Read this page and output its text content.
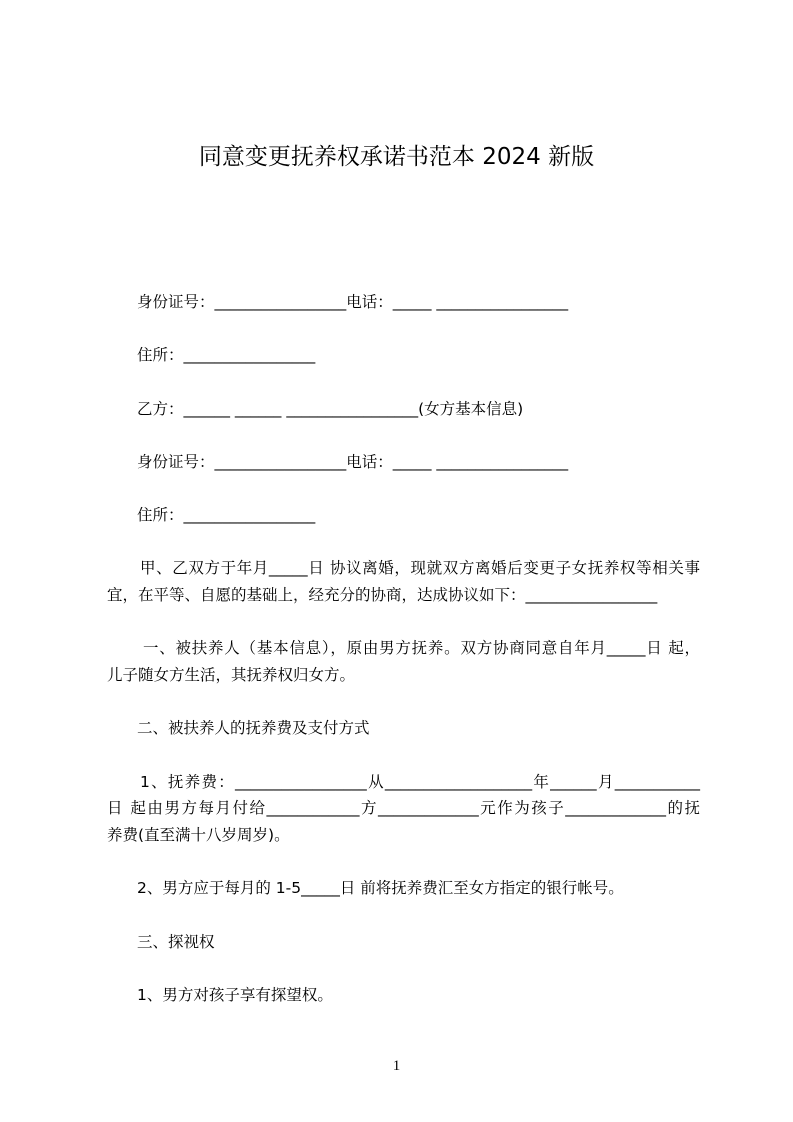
同意变更抚养权承诺书范本 2024 新版

身份证号：_________________电话：_____ _________________

住所：_________________

乙方：______ ______ _________________(女方基本信息)

身份证号：_________________电话：_____ _________________

住所：_________________

甲、乙双方于年月_____日 协议离婚，现就双方离婚后变更子女抚养权等相关事
宜，在平等、自愿的基础上，经充分的协商，达成协议如下：_________________

一、被扶养人（基本信息），原由男方抚养。双方协商同意自年月_____日 起，
儿子随女方生活，其抚养权归女方。

二、被扶养人的抚养费及支付方式

1、抚养费：_________________从___________________年______月___________
日 起由男方每月付给____________方_____________元作为孩子_____________的抚
养费(直至满十八岁周岁)。

2、男方应于每月的 1-5_____日 前将抚养费汇至女方指定的银行帐号。

三、探视权

1、男方对孩子享有探望权。

1
